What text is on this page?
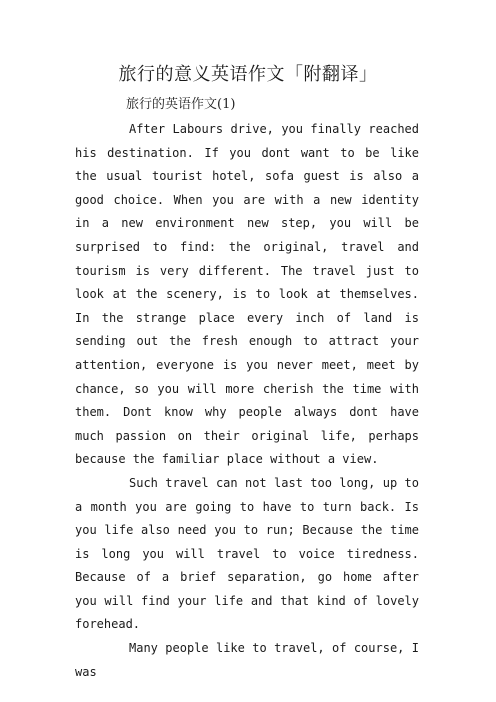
旅行的意义英语作文「附翻译」
旅行的英语作文(1)

After Labours drive, you finally reached his destination. If you dont want to be like the usual tourist hotel, sofa guest is also a good choice. When you are with a new identity in a new environment new step, you will be surprised to find: the original, travel and tourism is very different. The travel just to look at the scenery, is to look at themselves. In the strange place every inch of land is sending out the fresh enough to attract your attention, everyone is you never meet, meet by chance, so you will more cherish the time with them. Dont know why people always dont have much passion on their original life, perhaps because the familiar place without a view.

Such travel can not last too long, up to a month you are going to have to turn back. Is you life also need you to run; Because the time is long you will travel to voice tiredness. Because of a brief separation, go home after you will find your life and that kind of lovely forehead.

Many people like to travel, of course, I was
